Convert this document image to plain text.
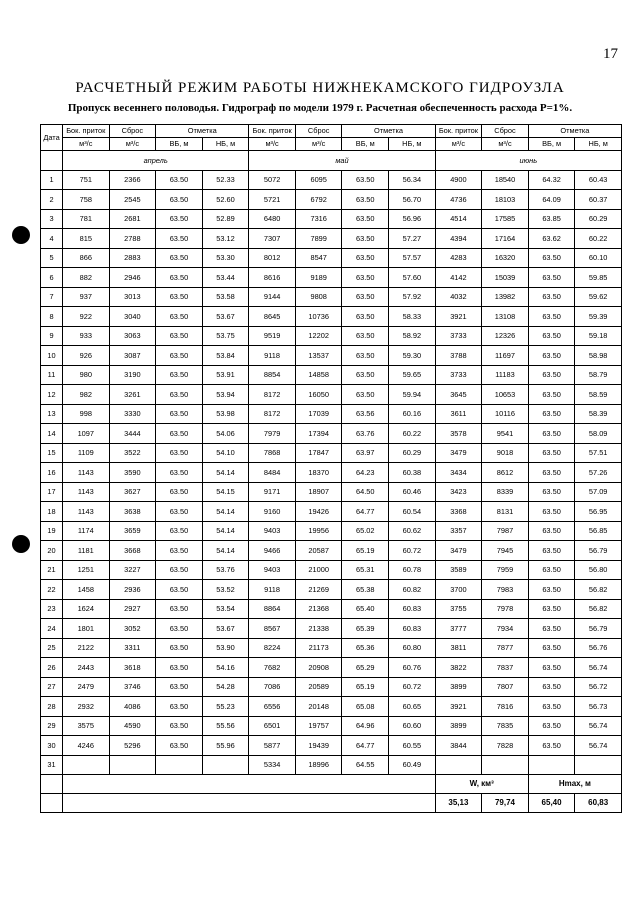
17
РАСЧЕТНЫЙ РЕЖИМ РАБОТЫ НИЖНЕКАМСКОГО ГИДРОУЗЛА
Пропуск весеннего половодья. Гидрограф по модели 1979 г. Расчетная обеспеченность расхода P=1%.
Дата	Бок. приток	Сброс	Отметка		Бок. приток	Сброс	Отметка		Бок. приток	Сброс	Отметка	
	м³/с	м³/с	ВБ, м	НБ, м	м³/с	м³/с	ВБ, м	НБ, м	м³/с	м³/с	ВБ, м	НБ, м
	апрель				май				июнь			
1	751	2366	63.50	52.33	5072	6095	63.50	56.34	4900	18540	64.32	60.43
2	758	2545	63.50	52.60	5721	6792	63.50	56.70	4736	18103	64.09	60.37
3	781	2681	63.50	52.89	6480	7316	63.50	56.96	4514	17585	63.85	60.29
4	815	2788	63.50	53.12	7307	7899	63.50	57.27	4394	17164	63.62	60.22
5	866	2883	63.50	53.30	8012	8547	63.50	57.57	4283	16320	63.50	60.10
6	882	2946	63.50	53.44	8616	9189	63.50	57.60	4142	15039	63.50	59.85
7	937	3013	63.50	53.58	9144	9808	63.50	57.92	4032	13982	63.50	59.62
8	922	3040	63.50	53.67	8645	10736	63.50	58.33	3921	13108	63.50	59.39
9	933	3063	63.50	53.75	9519	12202	63.50	58.92	3733	12326	63.50	59.18
10	926	3087	63.50	53.84	9118	13537	63.50	59.30	3788	11697	63.50	58.98
11	980	3190	63.50	53.91	8854	14858	63.50	59.65	3733	11183	63.50	58.79
12	982	3261	63.50	53.94	8172	16050	63.50	59.94	3645	10653	63.50	58.59
13	998	3330	63.50	53.98	8172	17039	63.56	60.16	3611	10116	63.50	58.39
14	1097	3444	63.50	54.06	7979	17394	63.76	60.22	3578	9541	63.50	58.09
15	1109	3522	63.50	54.10	7868	17847	63.97	60.29	3479	9018	63.50	57.51
16	1143	3590	63.50	54.14	8484	18370	64.23	60.38	3434	8612	63.50	57.26
17	1143	3627	63.50	54.15	9171	18907	64.50	60.46	3423	8339	63.50	57.09
18	1143	3638	63.50	54.14	9160	19426	64.77	60.54	3368	8131	63.50	56.95
19	1174	3659	63.50	54.14	9403	19956	65.02	60.62	3357	7987	63.50	56.85
20	1181	3668	63.50	54.14	9466	20587	65.19	60.72	3479	7945	63.50	56.79
21	1251	3227	63.50	53.76	9403	21000	65.31	60.78	3589	7959	63.50	56.80
22	1458	2936	63.50	53.52	9118	21269	65.38	60.82	3700	7983	63.50	56.82
23	1624	2927	63.50	53.54	8864	21368	65.40	60.83	3755	7978	63.50	56.82
24	1801	3052	63.50	53.67	8567	21338	65.39	60.83	3777	7934	63.50	56.79
25	2122	3311	63.50	53.90	8224	21173	65.36	60.80	3811	7877	63.50	56.76
26	2443	3618	63.50	54.16	7682	20908	65.29	60.76	3822	7837	63.50	56.74
27	2479	3746	63.50	54.28	7086	20589	65.19	60.72	3899	7807	63.50	56.72
28	2932	4086	63.50	55.23	6556	20148	65.08	60.65	3921	7816	63.50	56.73
29	3575	4590	63.50	55.56	6501	19757	64.96	60.60	3899	7835	63.50	56.74
30	4246	5296	63.50	55.96	5877	19439	64.77	60.55	3844	7828	63.50	56.74
31					5334	18996	64.55	60.49				
									W, км³		Hmax, м	
									35,13	79,74	65,40	60,83
